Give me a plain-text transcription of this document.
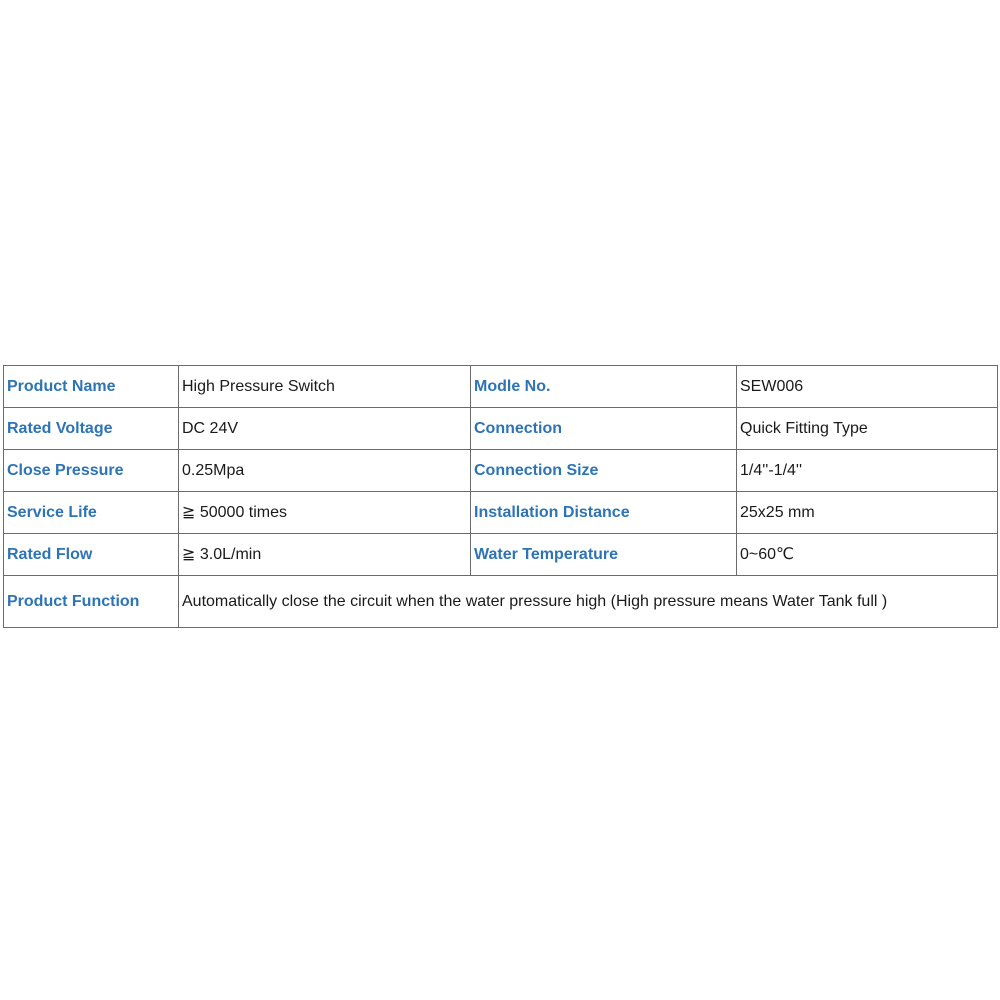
Product Name	High Pressure Switch	Modle No.	SEW006
Rated Voltage	DC 24V	Connection	Quick Fitting Type
Close Pressure	0.25Mpa	Connection Size	1/4''-1/4''
Service Life	≧ 50000 times	Installation Distance	25x25 mm
Rated Flow	≧ 3.0L/min	Water Temperature	0~60℃
Product Function	Automatically close the circuit when the water pressure high (High pressure means Water Tank full )		
